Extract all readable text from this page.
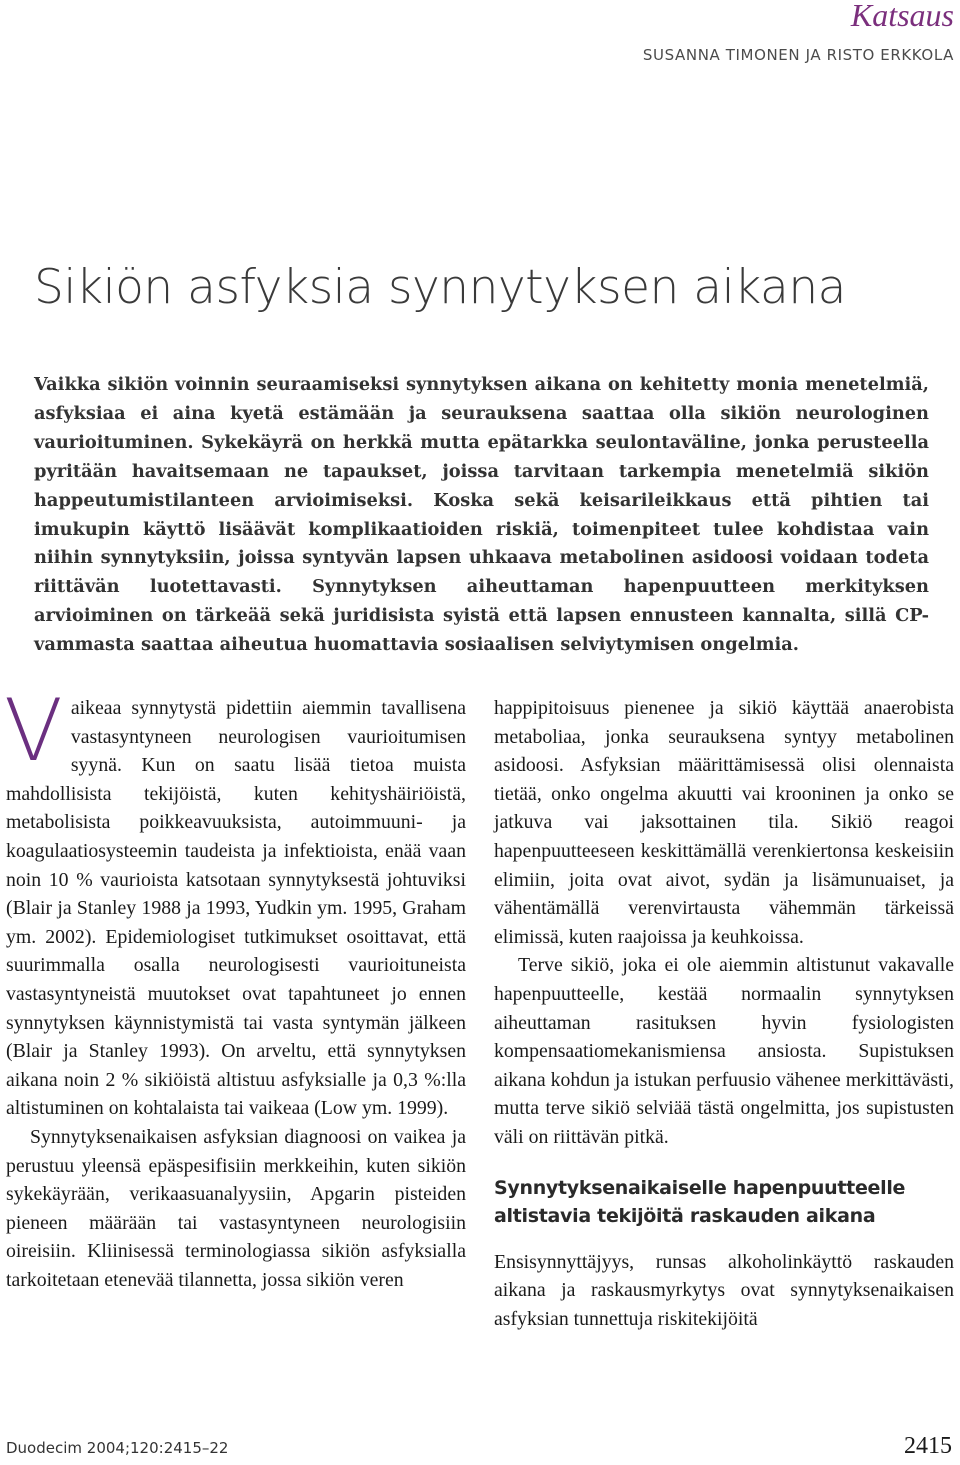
Katsaus
SUSANNA TIMONEN JA RISTO ERKKOLA
Sikiön asfyksia synnytyksen aikana

Vaikka sikiön voinnin seuraamiseksi synnytyksen aikana on kehitetty monia menetelmiä, asfyksiaa ei aina kyetä estämään ja seurauksena saattaa olla sikiön neurologinen vaurioituminen. Sykekäyrä on herkkä mutta epätarkka seulontaväline, jonka perusteella pyritään havaitsemaan ne tapaukset, joissa tarvitaan tarkempia menetelmiä sikiön happeutumistilanteen arvioimiseksi. Koska sekä keisarileikkaus että pihtien tai imukupin käyttö lisäävät komplikaatioiden riskiä, toimenpiteet tulee kohdistaa vain niihin synnytyksiin, joissa syntyvän lapsen uhkaava metabolinen asidoosi voidaan todeta riittävän luotettavasti. Synnytyksen aiheuttaman hapenpuutteen merkityksen arvioiminen on tärkeää sekä juridisista syistä että lapsen ennusteen kannalta, sillä CP-vammasta saattaa aiheutua huomattavia sosiaalisen selviytymisen ongelmia.

V aikeaa synnytystä pidettiin aiemmin tavallisena vastasyntyneen neurologisen vaurioitumisen syynä. Kun on saatu lisää tietoa muista mahdollisista tekijöistä, kuten kehityshäiriöistä, metabolisista poikkeavuuksista, autoimmuuni- ja koagulaatiosysteemin taudeista ja infektioista, enää vaan noin 10 % vaurioista katsotaan synnytyksestä johtuviksi (Blair ja Stanley 1988 ja 1993, Yudkin ym. 1995, Graham ym. 2002). Epidemiologiset tutkimukset osoittavat, että suurimmalla osalla neurologisesti vaurioituneista vastasyntyneistä muutokset ovat tapahtuneet jo ennen synnytyksen käynnistymistä tai vasta syntymän jälkeen (Blair ja Stanley 1993). On arveltu, että synnytyksen aikana noin 2 % sikiöistä altistuu asfyksialle ja 0,3 %:lla altistuminen on kohtalaista tai vaikeaa (Low ym. 1999).

Synnytyksenaikaisen asfyksian diagnoosi on vaikea ja perustuu yleensä epäspesifisiin merkkeihin, kuten sikiön sykekäyrään, verikaasuanalyysiin, Apgarin pisteiden pieneen määrään tai vastasyntyneen neurologisiin oireisiin. Kliinisessä terminologiassa sikiön asfyksialla tarkoitetaan etenevää tilannetta, jossa sikiön veren

happipitoisuus pienenee ja sikiö käyttää anaerobista metaboliaa, jonka seurauksena syntyy metabolinen asidoosi. Asfyksian määrittämisessä olisi olennaista tietää, onko ongelma akuutti vai krooninen ja onko se jatkuva vai jaksottainen tila. Sikiö reagoi hapenpuutteeseen keskittämällä verenkiertonsa keskeisiin elimiin, joita ovat aivot, sydän ja lisämunuaiset, ja vähentämällä verenvirtausta vähemmän tärkeissä elimissä, kuten raajoissa ja keuhkoissa.

Terve sikiö, joka ei ole aiemmin altistunut vakavalle hapenpuutteelle, kestää normaalin synnytyksen aiheuttaman rasituksen hyvin fysiologisten kompensaatiomekanismiensa ansiosta. Supistuksen aikana kohdun ja istukan perfuusio vähenee merkittävästi, mutta terve sikiö selviää tästä ongelmitta, jos supistusten väli on riittävän pitkä.

Synnytyksenaikaiselle hapenpuutteelle altistavia tekijöitä raskauden aikana

Ensisynnyttäjyys, runsas alkoholinkäyttö raskauden aikana ja raskausmyrkytys ovat synnytyksenaikaisen asfyksian tunnettuja riskitekijöitä

Duodecim 2004;120:2415–22	2415
